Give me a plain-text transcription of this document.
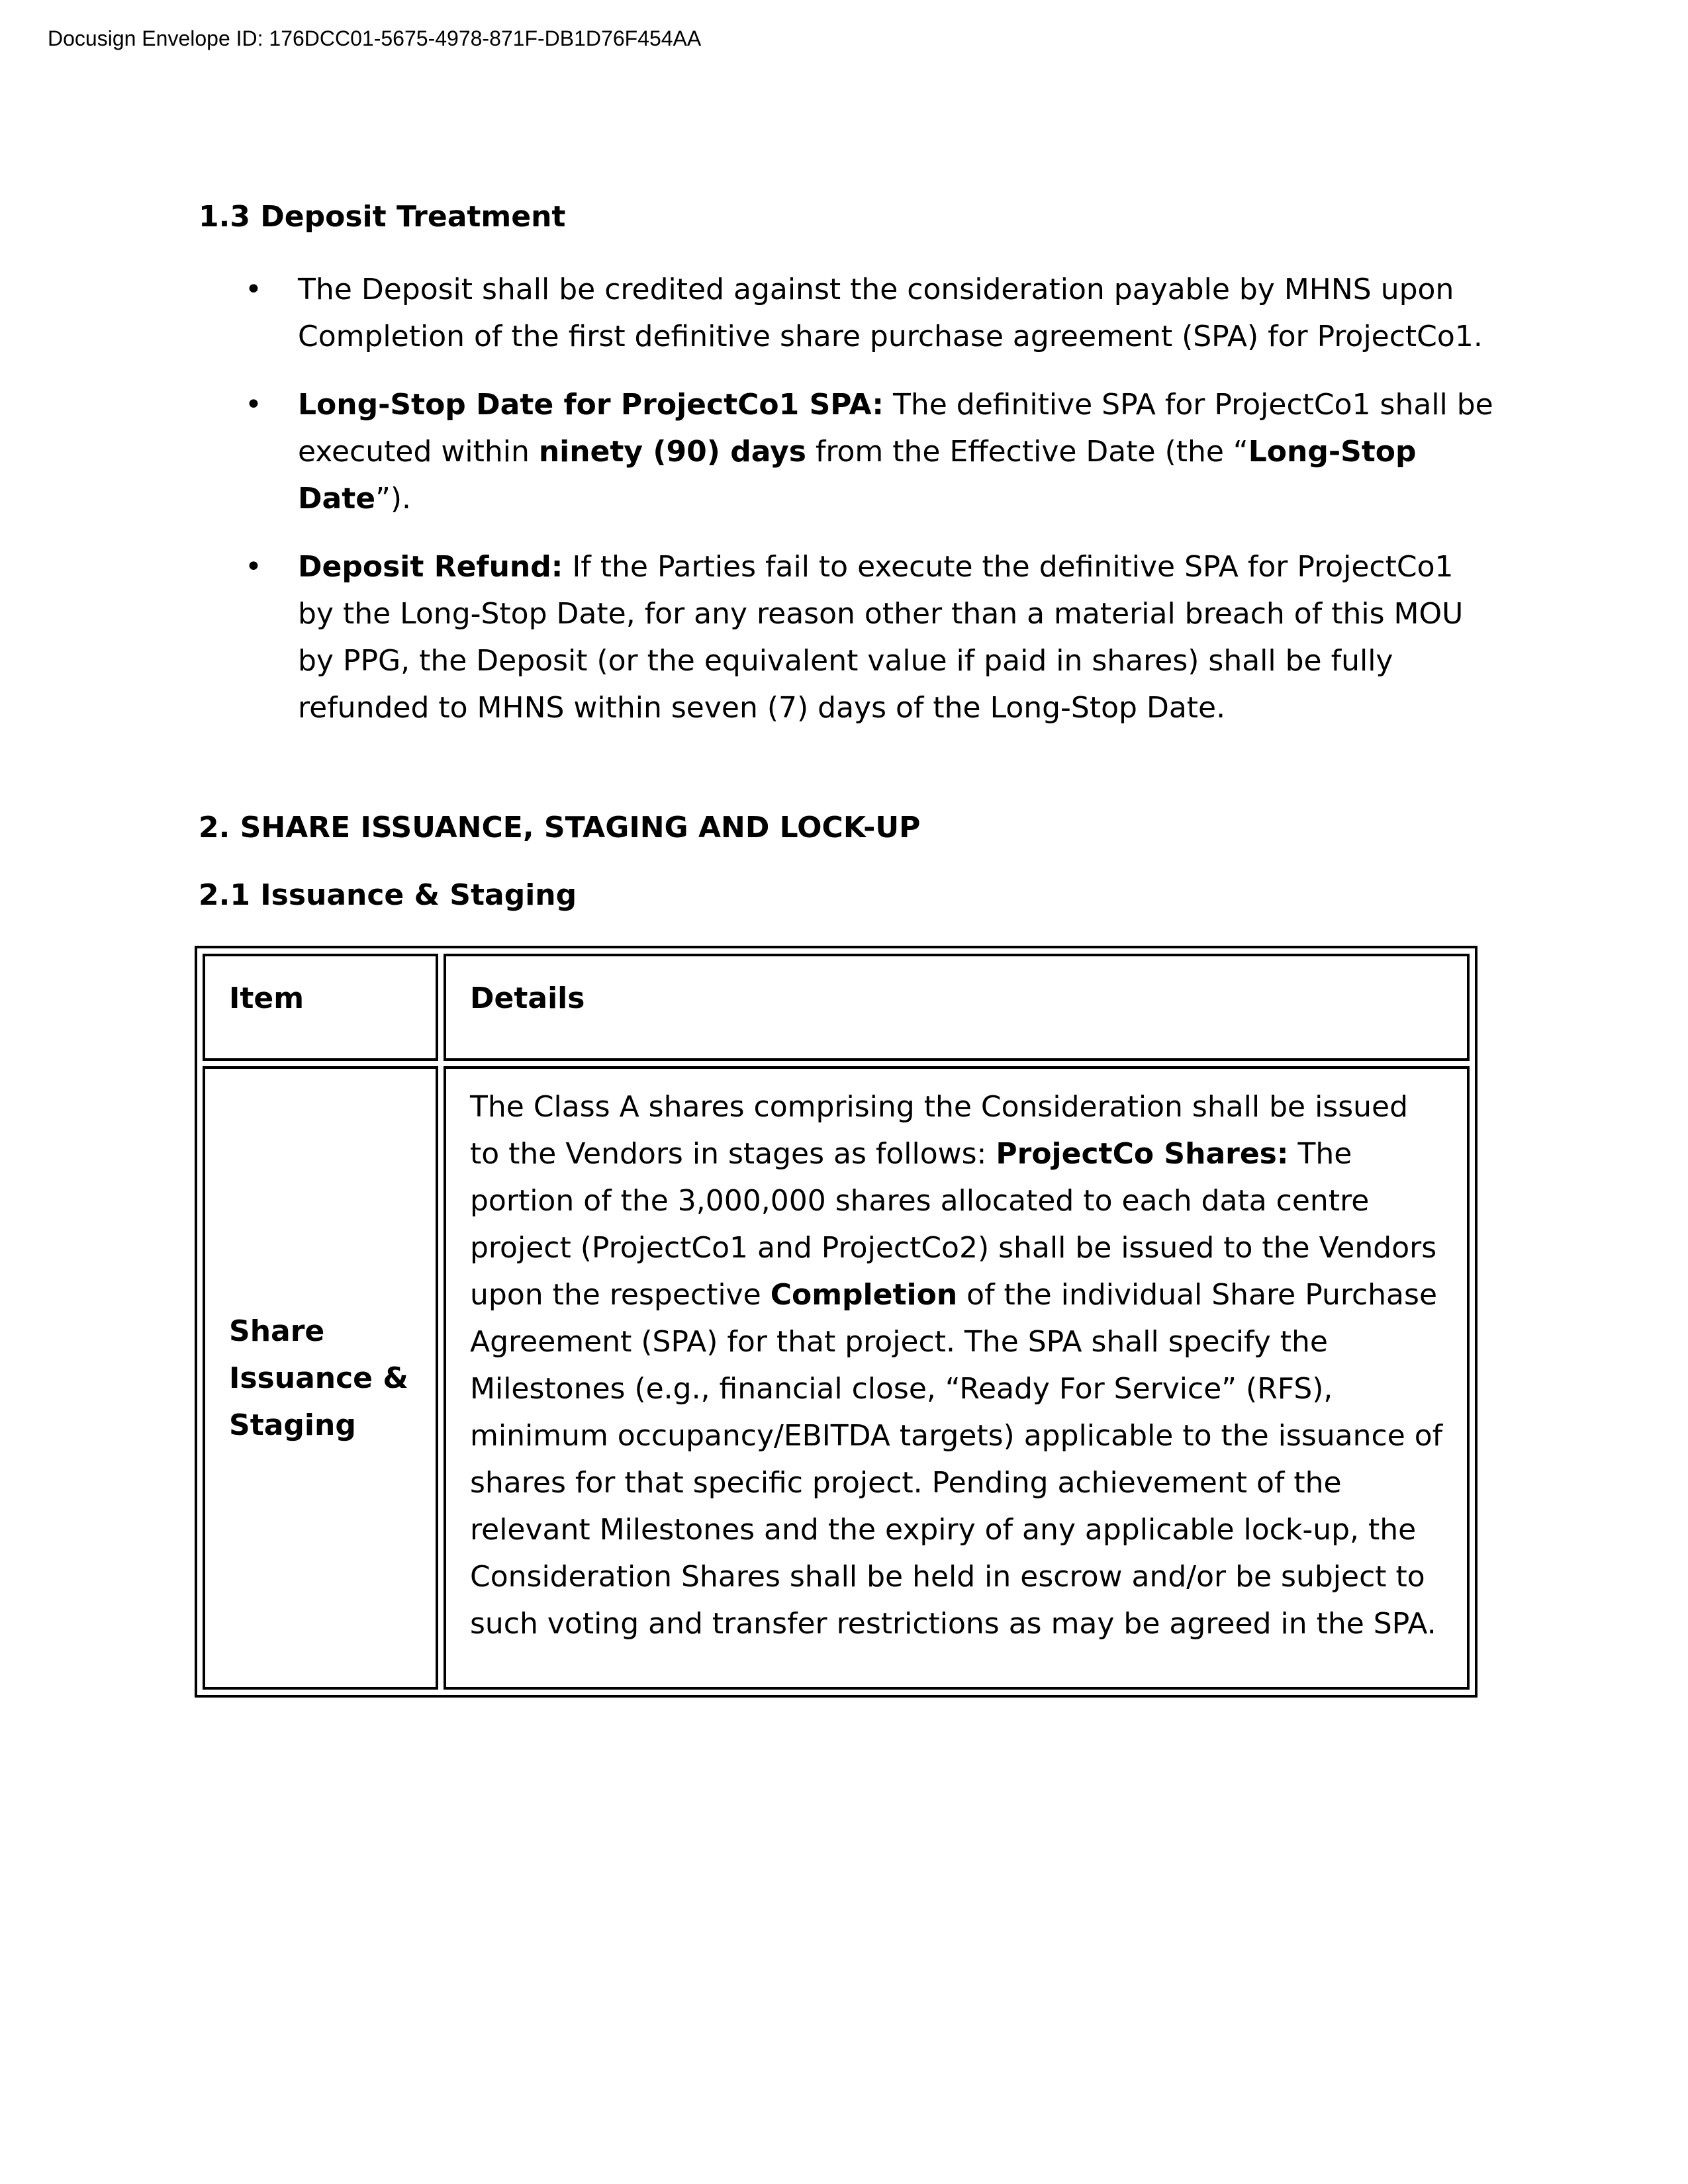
Docusign Envelope ID: 176DCC01-5675-4978-871F-DB1D76F454AA

1.3 Deposit Treatment

• The Deposit shall be credited against the consideration payable by MHNS upon Completion of the first definitive share purchase agreement (SPA) for ProjectCo1.
• Long-Stop Date for ProjectCo1 SPA: The definitive SPA for ProjectCo1 shall be executed within ninety (90) days from the Effective Date (the “Long-Stop Date”).
• Deposit Refund: If the Parties fail to execute the definitive SPA for ProjectCo1 by the Long-Stop Date, for any reason other than a material breach of this MOU by PPG, the Deposit (or the equivalent value if paid in shares) shall be fully refunded to MHNS within seven (7) days of the Long-Stop Date.

2. SHARE ISSUANCE, STAGING AND LOCK-UP

2.1 Issuance & Staging

Item	Details
Share Issuance & Staging	The Class A shares comprising the Consideration shall be issued to the Vendors in stages as follows: ProjectCo Shares: The portion of the 3,000,000 shares allocated to each data centre project (ProjectCo1 and ProjectCo2) shall be issued to the Vendors upon the respective Completion of the individual Share Purchase Agreement (SPA) for that project. The SPA shall specify the Milestones (e.g., financial close, “Ready For Service” (RFS), minimum occupancy/EBITDA targets) applicable to the issuance of shares for that specific project. Pending achievement of the relevant Milestones and the expiry of any applicable lock-up, the Consideration Shares shall be held in escrow and/or be subject to such voting and transfer restrictions as may be agreed in the SPA.
